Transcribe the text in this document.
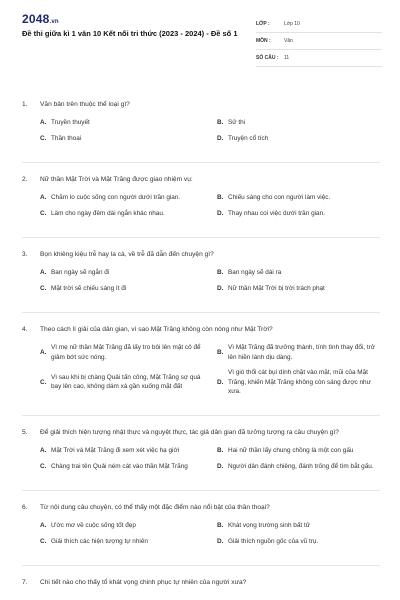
2048.vn
Đề thi giữa kì 1 văn 10 Kết nối tri thức (2023 - 2024) - Đề số 1
LỚP :	Lớp 10
MÔN :	Văn
SỐ CÂU :	11
1.	Văn bản trên thuộc thể loại gì?
A. Truyền thuyết	B. Sử thi
C. Thần thoại	D. Truyện cổ tích
2.	Nữ thần Mặt Trời và Mặt Trăng được giao nhiệm vụ:
A. Chăm lo cuộc sống con người dưới trần gian.	B. Chiếu sáng cho con người làm việc.
C. Làm cho ngày đêm dài ngắn khác nhau.	D. Thay nhau coi việc dưới trần gian.
3.	Bọn khiêng kiệu trễ hay la cà, về trễ đã dẫn đến chuyện gì?
A. Ban ngày sẽ ngắn đi	B. Ban ngày sẽ dài ra
C. Mặt trời sẽ chiếu sáng ít đi	D. Nữ thần Mặt Trời bị trời trách phạt
4.	Theo cách lí giải của dân gian, vì sao Mặt Trăng không còn nóng như Mặt Trời?
A.
Vì mẹ nữ thần Mặt Trăng đã lấy tro bôi lên mặt cô để giảm bớt sức nóng.
B.
Vì Mặt Trăng đã trưởng thành, tính tình thay đổi, trở lên hiền lành dịu dàng.
C.
Vì sau khi bị chàng Quải tấn công, Mặt Trăng sợ quá bay lên cao, không dám xà gần xuống mặt đất
D.
Vì gió thổi cát bụi dính chặt vào mặt, mũi của Mặt Trăng, khiến Mặt Trăng không còn sáng được như xưa.
5.	Để giải thích hiện tượng nhật thực và nguyệt thực, tác giả dân gian đã tưởng tượng ra câu chuyện gì?
A. Mặt Trời và Mặt Trăng đi xem xét việc hạ giới	B. Hai nữ thần lấy chung chồng là một con gấu
C. Chàng trai tên Quải ném cát vào thần Mặt Trăng	D. Người dân đánh chiêng, đánh trống để tìm bắt gấu.
6.	Từ nội dung câu chuyện, có thể thấy một đặc điểm nào nổi bật của thần thoại?
A. Ước mơ về cuộc sống tốt đẹp	B. Khát vọng trường sinh bất tử
C. Giải thích các hiện tượng tự nhiên	D. Giải thích nguồn gốc của vũ trụ.
7.	Chi tiết nào cho thấy tổ khát vọng chinh phục tự nhiên của người xưa?
